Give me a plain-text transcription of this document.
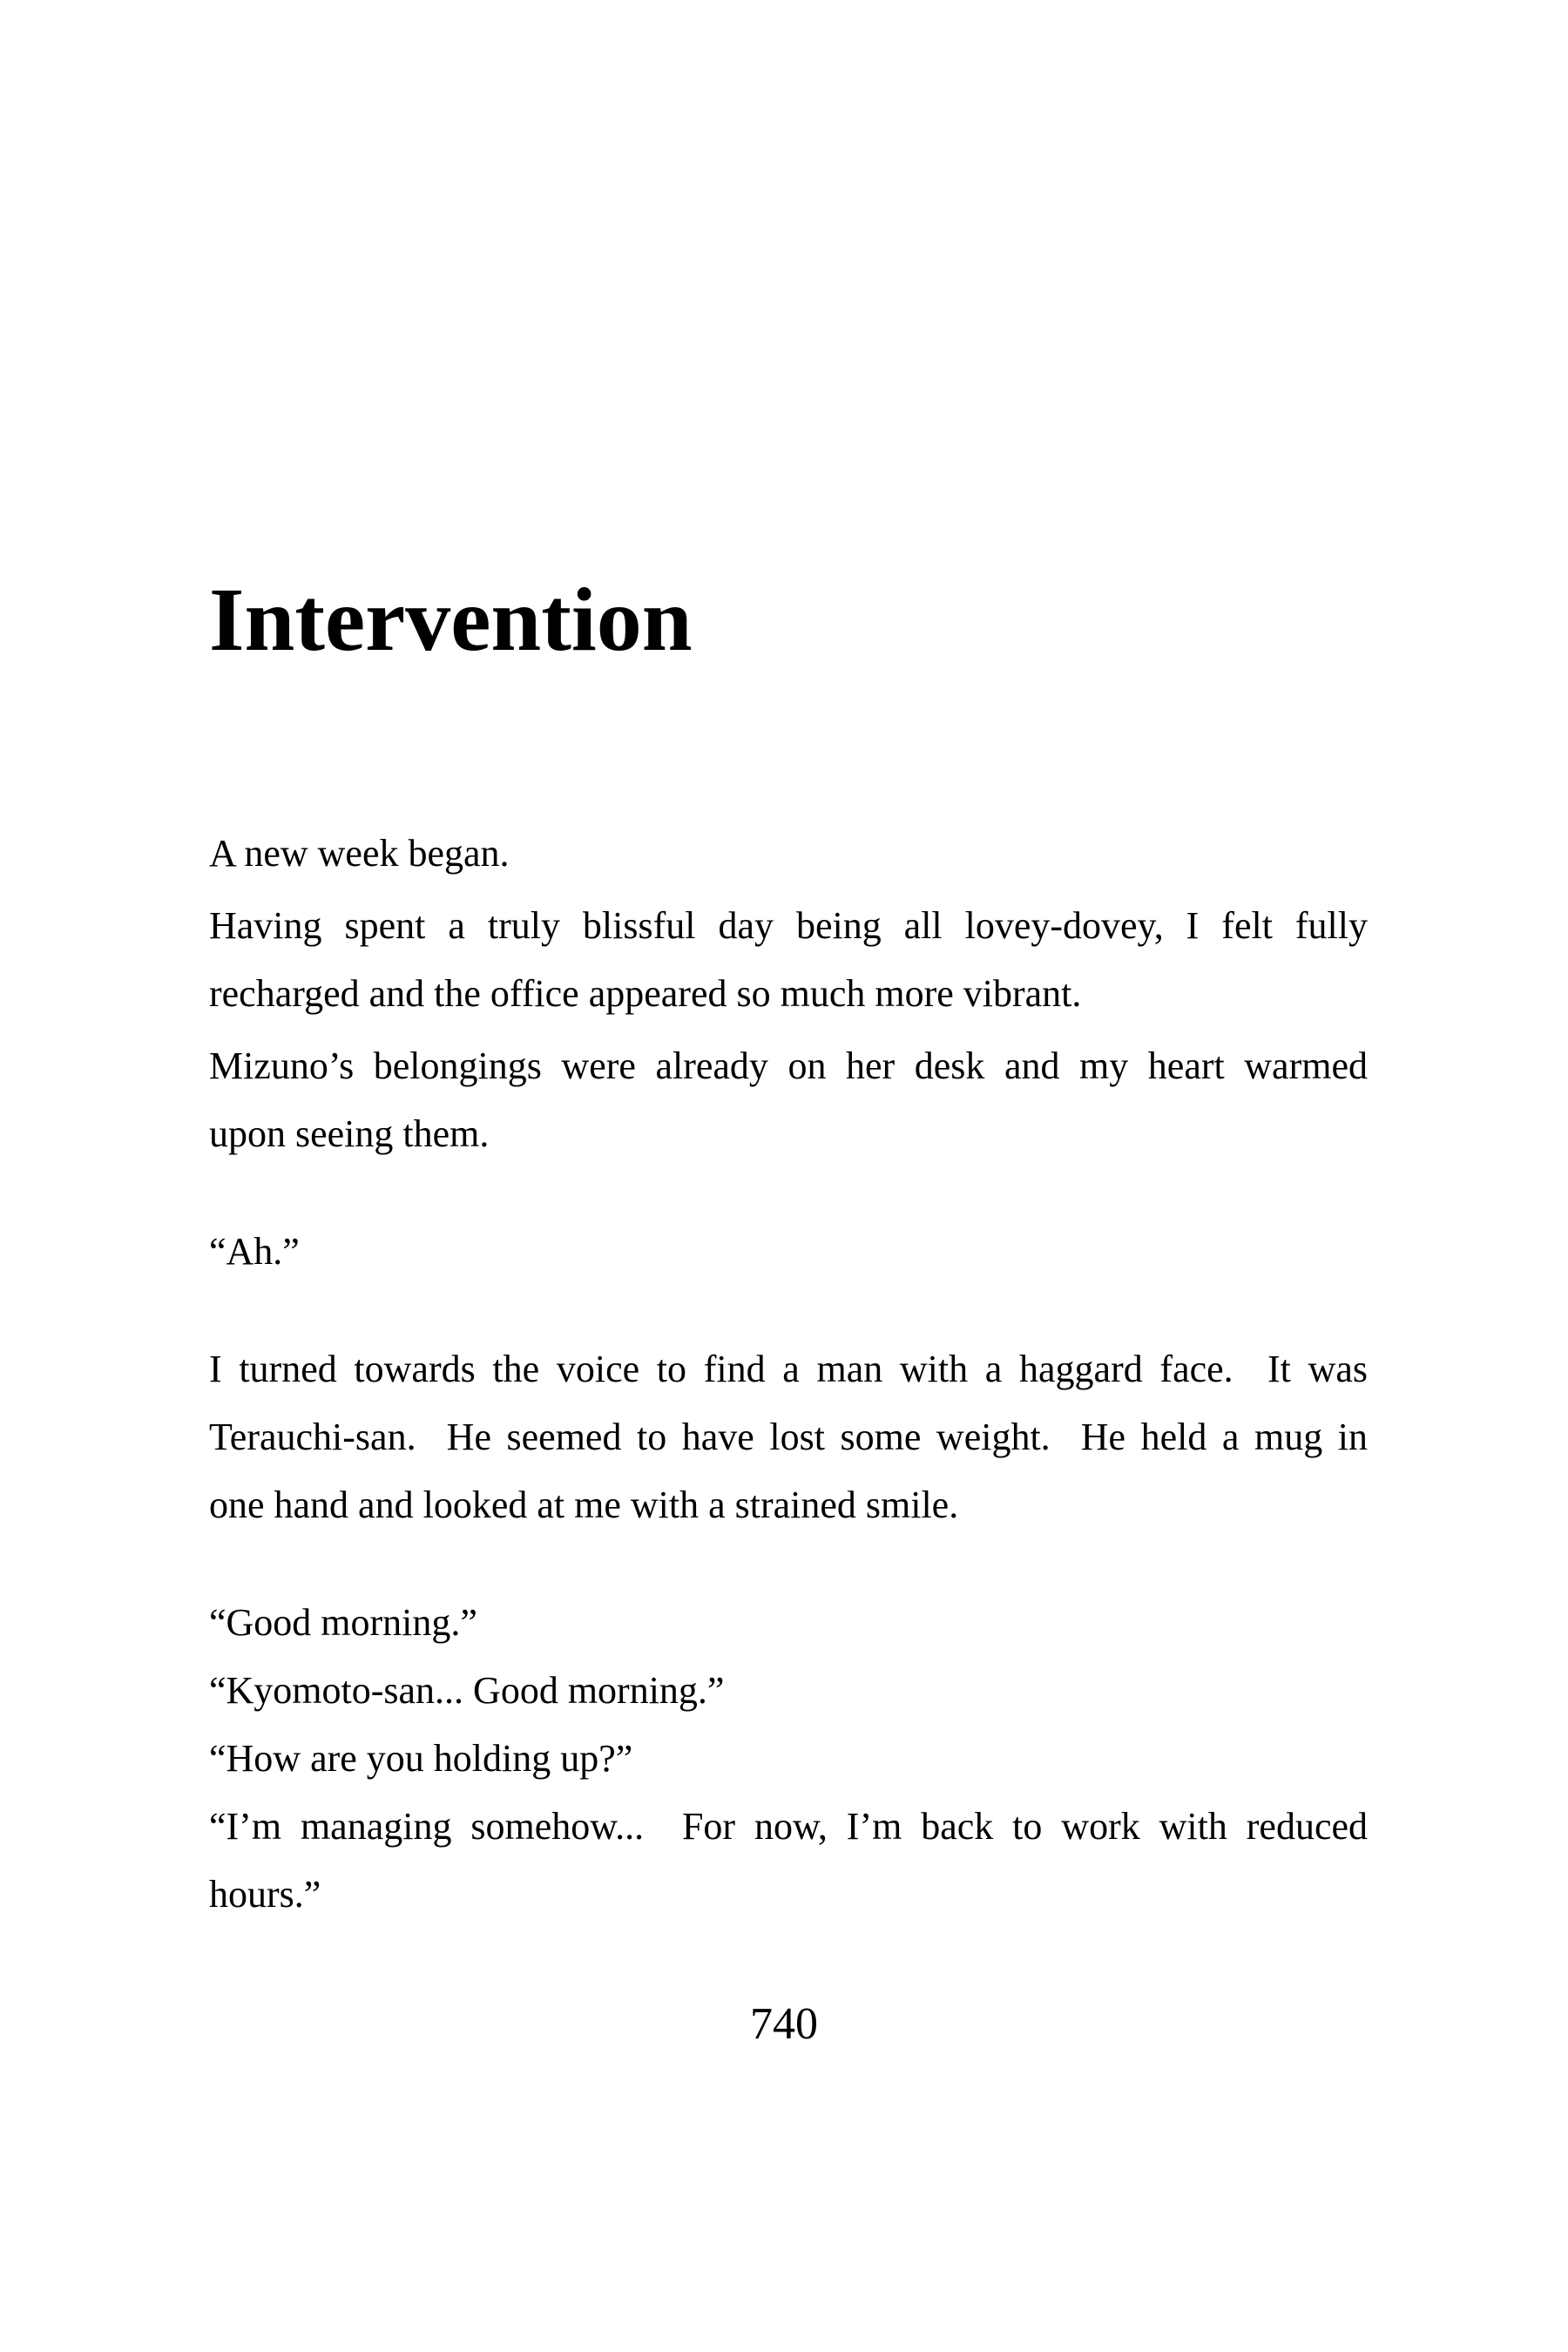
Intervention

A new week began.

Having spent a truly blissful day being all lovey-dovey, I felt fully
recharged and the office appeared so much more vibrant.

Mizuno’s belongings were already on her desk and my heart warmed
upon seeing them.

“Ah.”

I turned towards the voice to find a man with a haggard face.  It was
Terauchi-san.  He seemed to have lost some weight.  He held a mug in
one hand and looked at me with a strained smile.

“Good morning.”

“Kyomoto-san... Good morning.”

“How are you holding up?”

“I’m managing somehow...  For now, I’m back to work with reduced
hours.”

740
